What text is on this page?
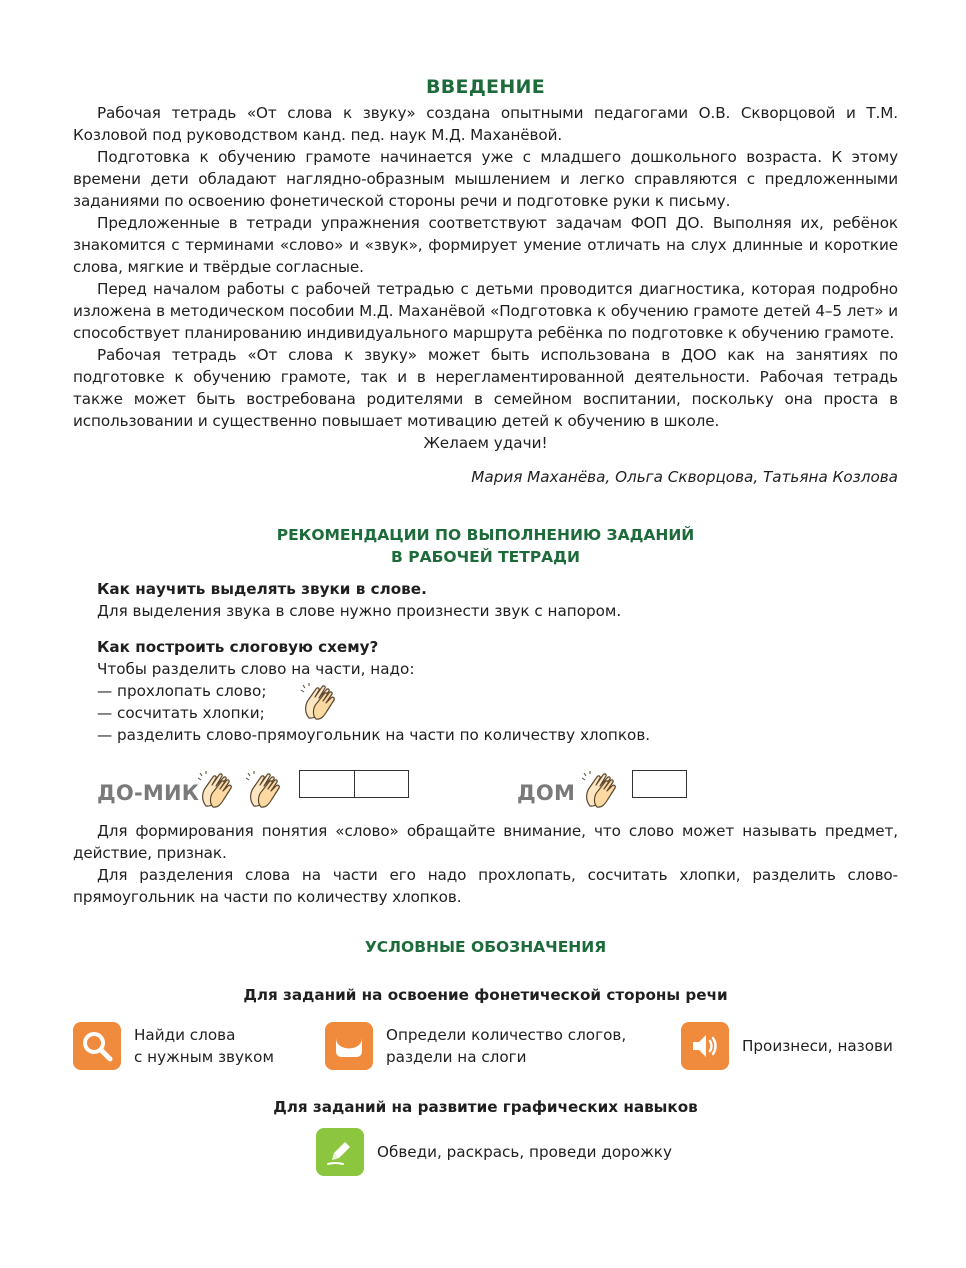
ВВЕДЕНИЕ

Рабочая тетрадь «От слова к звуку» создана опытными педагогами О.В. Скворцовой и Т.М. Козловой под руководством канд. пед. наук М.Д. Маханёвой.

Подготовка к обучению грамоте начинается уже с младшего дошкольного возраста. К этому времени дети обладают наглядно-образным мышлением и легко справляются с предложенными заданиями по освоению фонетической стороны речи и подготовке руки к письму.

Предложенные в тетради упражнения соответствуют задачам ФОП ДО. Выполняя их, ребёнок знакомится с терминами «слово» и «звук», формирует умение отличать на слух длинные и короткие слова, мягкие и твёрдые согласные.

Перед началом работы с рабочей тетрадью с детьми проводится диагностика, которая подробно изложена в методическом пособии М.Д. Маханёвой «Подготовка к обучению грамоте детей 4–5 лет» и способствует планированию индивидуального маршрута ребёнка по подготовке к обучению грамоте.

Рабочая тетрадь «От слова к звуку» может быть использована в ДОО как на занятиях по подготовке к обучению грамоте, так и в нерегламентированной деятельности. Рабочая тетрадь также может быть востребована родителями в семейном воспитании, поскольку она проста в использовании и существенно повышает мотивацию детей к обучению в школе.

Желаем удачи!

Мария Маханёва, Ольга Скворцова, Татьяна Козлова

РЕКОМЕНДАЦИИ ПО ВЫПОЛНЕНИЮ ЗАДАНИЙ
В РАБОЧЕЙ ТЕТРАДИ

Как научить выделять звуки в слове.

Для выделения звука в слове нужно произнести звук с напором.

Как построить слоговую схему?

Чтобы разделить слово на части, надо:

— прохлопать слово;

— сосчитать хлопки;

— разделить слово-прямоугольник на части по количеству хлопков.

ДО-МИК	ДОМ

Для формирования понятия «слово» обращайте внимание, что слово может называть предмет, действие, признак.

Для разделения слова на части его надо прохлопать, сосчитать хлопки, разделить слово-прямоугольник на части по количеству хлопков.

УСЛОВНЫЕ ОБОЗНАЧЕНИЯ

Для заданий на освоение фонетической стороны речи

Найди слова
с нужным звуком
Определи количество слогов,
раздели на слоги
Произнеси, назови

Для заданий на развитие графических навыков

Обведи, раскрась, проведи дорожку
